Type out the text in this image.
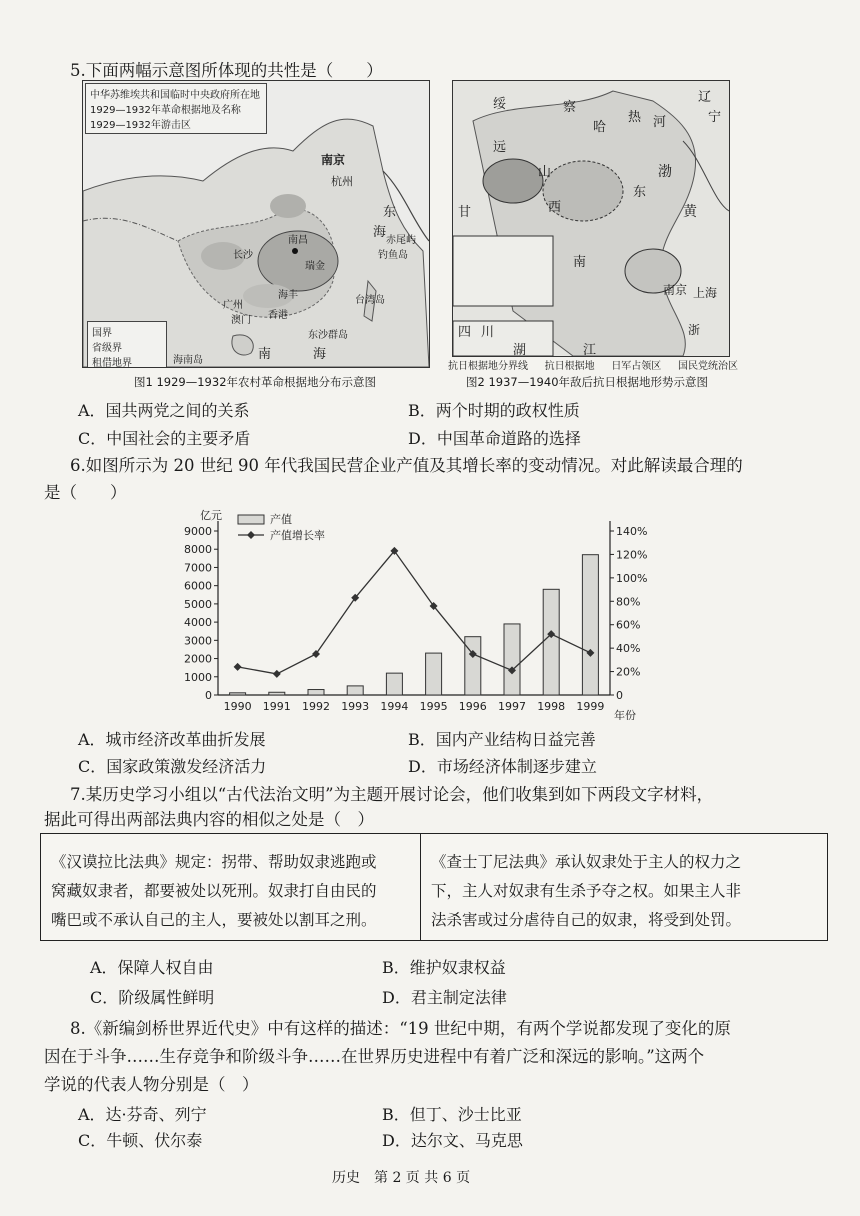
5.下面两幅示意图所体现的共性是（　　）
中华苏维埃共和国临时中央政府所在地
1929—1932年革命根据地及名称
1929—1932年游击区
国界
省级界
租借地界
南京
杭州
长沙
南昌
瑞金
东
海
钓鱼岛
赤尾屿
台湾岛
广州
海丰
香港
东沙群岛
澳门
海南岛	南	海
图1 1929—1932年农村革命根据地分布示意图
绥
远
察
哈
热 河
辽
宁
山
西
甘	黄
渤
东
南
南京 上海
四 川
湖	江
浙
抗日根据地分界线 抗日根据地 日军占领区 国民党统治区
图2 1937—1940年敌后抗日根据地形势示意图
A．国共两党之间的关系	B．两个时期的政权性质
C．中国社会的主要矛盾	D．中国革命道路的选择
6.如图所示为 20 世纪 90 年代我国民营企业产值及其增长率的变动情况。对此解读最合理的
是（　　）
0
1000
2000
3000
4000
5000
6000
7000
8000
9000
0
20%
40%
60%
80%
100%
120%
140%
亿元
年份
1990 1991 1992 1993 1994 1995 1996 1997 1998 1999
产值
产值增长率
A．城市经济改革曲折发展	B．国内产业结构日益完善
C．国家政策激发经济活力	D．市场经济体制逐步建立
7.某历史学习小组以“古代法治文明”为主题开展讨论会，他们收集到如下两段文字材料，
据此可得出两部法典内容的相似之处是（　）
《汉谟拉比法典》规定：拐带、帮助奴隶逃跑或
窝藏奴隶者，都要被处以死刑。奴隶打自由民的
嘴巴或不承认自己的主人，要被处以割耳之刑。
《查士丁尼法典》承认奴隶处于主人的权力之
下，主人对奴隶有生杀予夺之权。如果主人非
法杀害或过分虐待自己的奴隶，将受到处罚。
A．保障人权自由	B．维护奴隶权益
C．阶级属性鲜明	D．君主制定法律
8.《新编剑桥世界近代史》中有这样的描述：“19 世纪中期，有两个学说都发现了变化的原
因在于斗争……生存竞争和阶级斗争……在世界历史进程中有着广泛和深远的影响。”这两个
学说的代表人物分别是（　）
A．达·芬奇、列宁	B．但丁、沙士比亚
C．牛顿、伏尔泰	D．达尔文、马克思
历史　第 2 页 共 6 页
